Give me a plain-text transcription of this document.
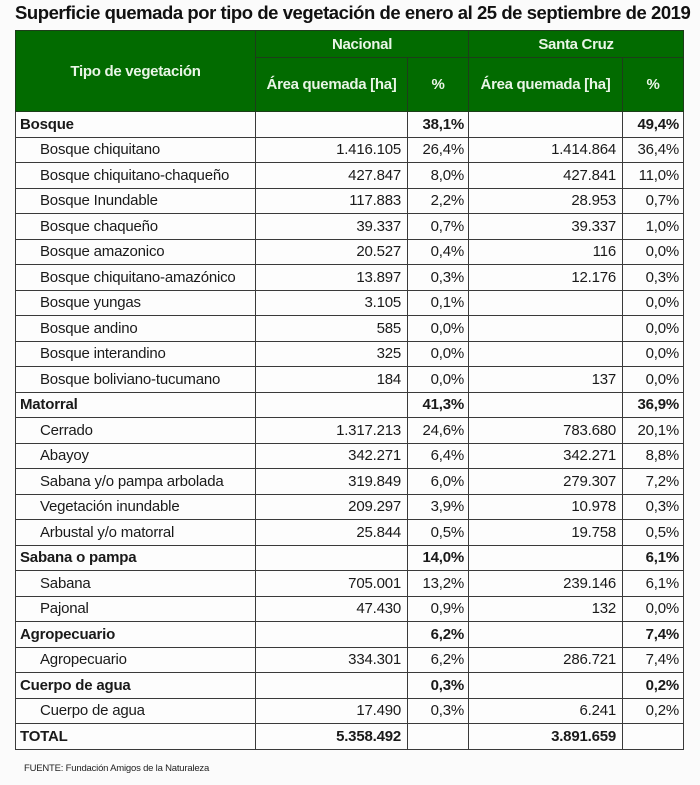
Superficie quemada por tipo de vegetación de enero al 25 de septiembre de 2019
Tipo de vegetación	Nacional		Santa Cruz	
	Área quemada [ha]	%	Área quemada [ha]	%
Bosque		38,1%		49,4%
Bosque chiquitano	1.416.105	26,4%	1.414.864	36,4%
Bosque chiquitano-chaqueño	427.847	8,0%	427.841	11,0%
Bosque Inundable	117.883	2,2%	28.953	0,7%
Bosque chaqueño	39.337	0,7%	39.337	1,0%
Bosque amazonico	20.527	0,4%	116	0,0%
Bosque chiquitano-amazónico	13.897	0,3%	12.176	0,3%
Bosque yungas	3.105	0,1%		0,0%
Bosque andino	585	0,0%		0,0%
Bosque interandino	325	0,0%		0,0%
Bosque boliviano-tucumano	184	0,0%	137	0,0%
Matorral		41,3%		36,9%
Cerrado	1.317.213	24,6%	783.680	20,1%
Abayoy	342.271	6,4%	342.271	8,8%
Sabana y/o pampa arbolada	319.849	6,0%	279.307	7,2%
Vegetación inundable	209.297	3,9%	10.978	0,3%
Arbustal y/o matorral	25.844	0,5%	19.758	0,5%
Sabana o pampa		14,0%		6,1%
Sabana	705.001	13,2%	239.146	6,1%
Pajonal	47.430	0,9%	132	0,0%
Agropecuario		6,2%		7,4%
Agropecuario	334.301	6,2%	286.721	7,4%
Cuerpo de agua		0,3%		0,2%
Cuerpo de agua	17.490	0,3%	6.241	0,2%
TOTAL	5.358.492		3.891.659	
FUENTE: Fundación Amigos de la Naturaleza
